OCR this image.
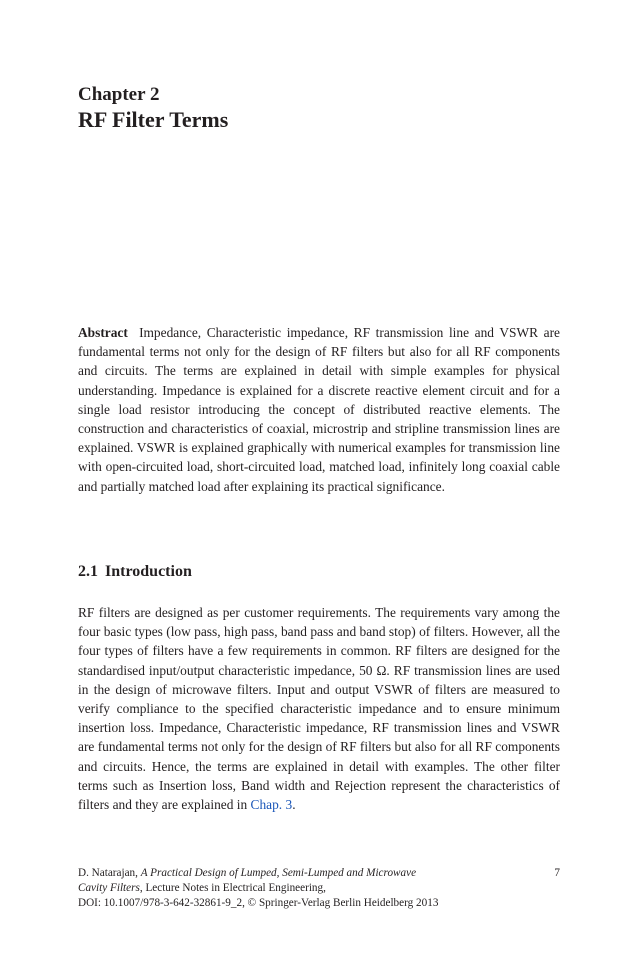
Chapter 2
RF Filter Terms
Abstract Impedance, Characteristic impedance, RF transmission line and VSWR are fundamental terms not only for the design of RF filters but also for all RF components and circuits. The terms are explained in detail with simple examples for physical understanding. Impedance is explained for a discrete reactive element circuit and for a single load resistor introducing the concept of distributed reactive elements. The construction and characteristics of coaxial, microstrip and stripline transmission lines are explained. VSWR is explained graphically with numerical examples for transmission line with open-circuited load, short-circuited load, matched load, infinitely long coaxial cable and partially matched load after explaining its practical significance.
2.1 Introduction
RF filters are designed as per customer requirements. The requirements vary among the four basic types (low pass, high pass, band pass and band stop) of filters. However, all the four types of filters have a few requirements in common. RF filters are designed for the standardised input/output characteristic impedance, 50 Ω. RF transmission lines are used in the design of microwave filters. Input and output VSWR of filters are measured to verify compliance to the specified characteristic impedance and to ensure minimum insertion loss. Impedance, Characteristic impedance, RF transmission lines and VSWR are fundamental terms not only for the design of RF filters but also for all RF components and circuits. Hence, the terms are explained in detail with examples. The other filter terms such as Insertion loss, Band width and Rejection represent the characteristics of filters and they are explained in Chap. 3.
D. Natarajan, A Practical Design of Lumped, Semi-Lumped and Microwave
Cavity Filters, Lecture Notes in Electrical Engineering,
DOI: 10.1007/978-3-642-32861-9_2, © Springer-Verlag Berlin Heidelberg 2013
7
